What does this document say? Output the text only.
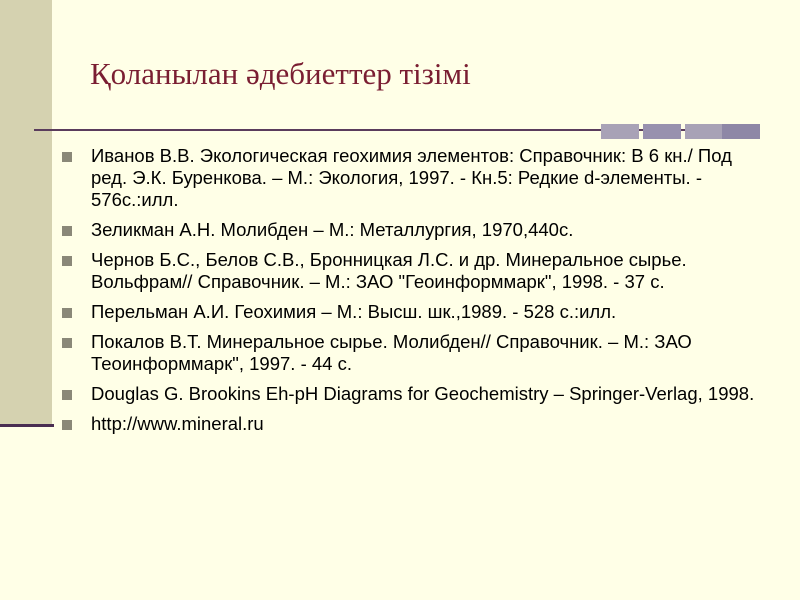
Қоланылан әдебиеттер тізімі
Иванов В.В. Экологическая геохимия элементов: Справочник: В 6 кн./ Под ред. Э.К. Буренкова. – М.: Экология, 1997. - Кн.5: Редкие d-элементы. - 576с.:илл.
Зеликман А.Н. Молибден – М.: Металлургия, 1970,440с.
Чернов Б.С., Белов С.В., Бронницкая Л.С. и др. Минеральное сырье. Вольфрам// Справочник. – М.: ЗАО "Геоинформмарк", 1998. - 37 с.
Перельман А.И. Геохимия – М.: Высш. шк.,1989. - 528 с.:илл.
Покалов В.Т. Минеральное сырье. Молибден// Справочник. – М.: ЗАО Теоинформмарк", 1997. - 44 с.
Douglas G. Brookins Eh-pH Diagrams for Geochemistry – Springer-Verlag, 1998.
http://www.mineral.ru
